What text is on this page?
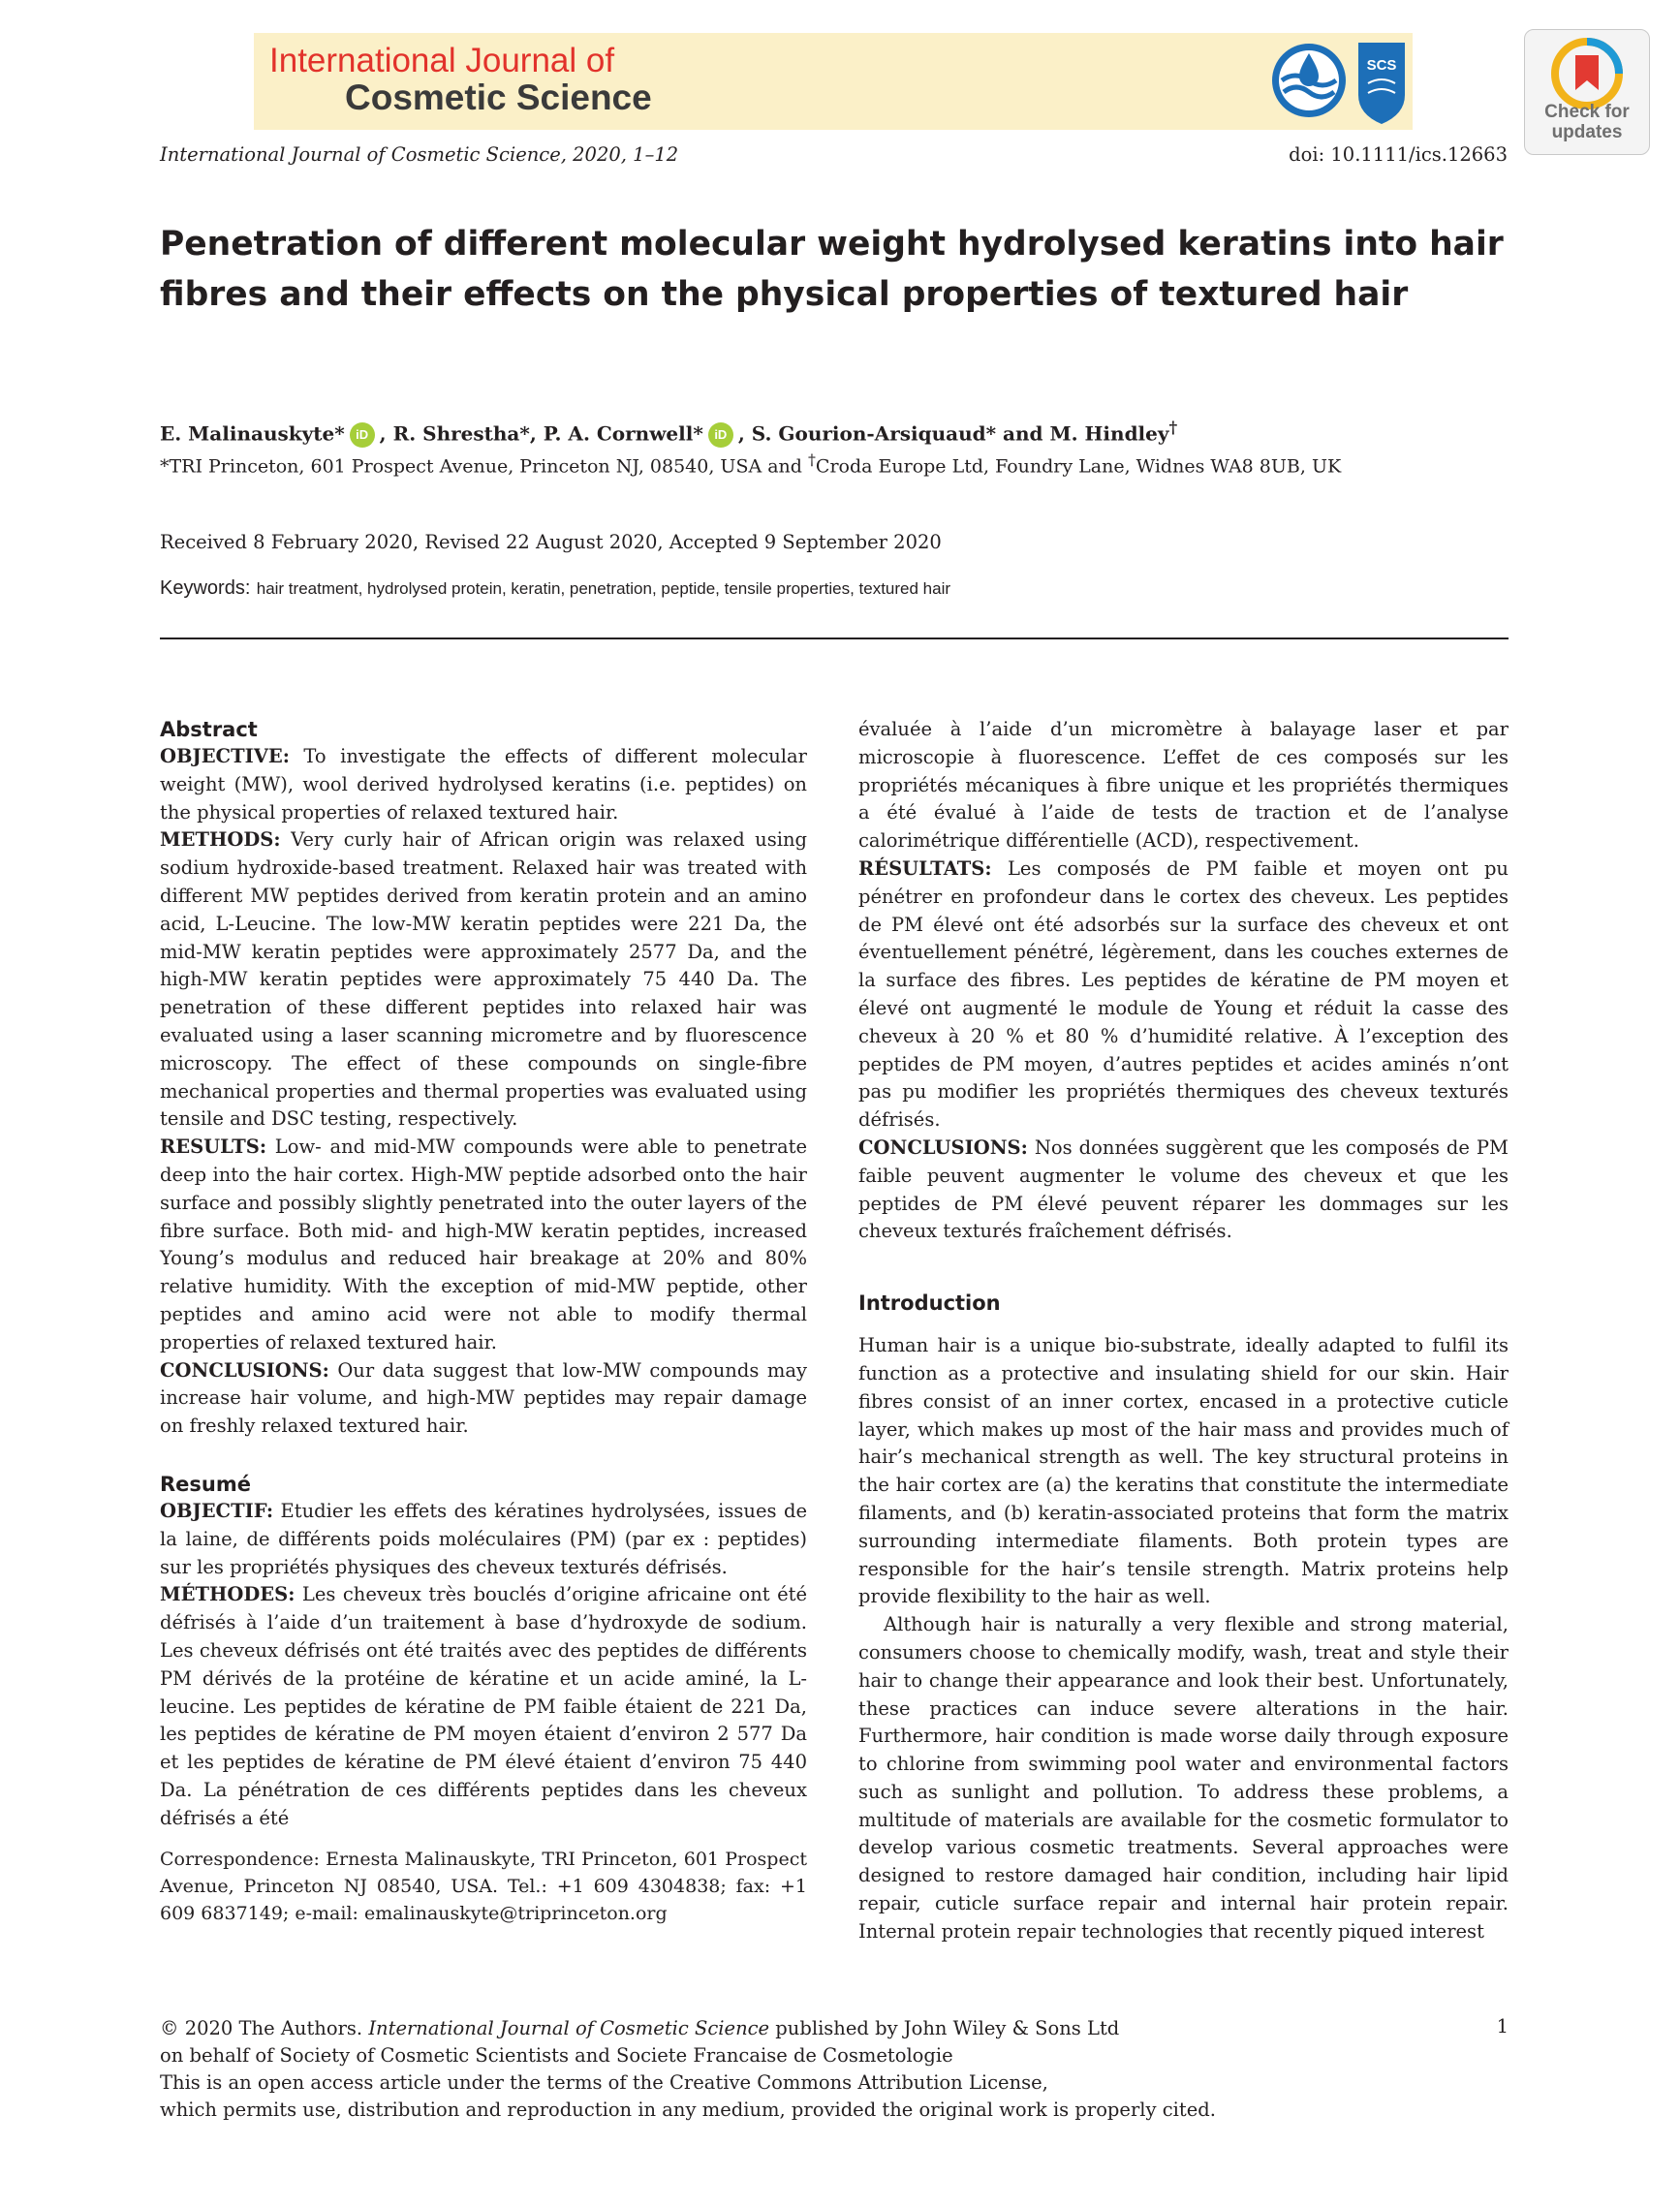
International Journal of
Cosmetic Science
SCS
Check for
updates
International Journal of Cosmetic Science, 2020, 1–12	doi: 10.1111/ics.12663
Penetration of different molecular weight hydrolysed keratins into hair fibres and their effects on the physical properties of textured hair
E. Malinauskyte* iD , R. Shrestha*, P. A. Cornwell* iD , S. Gourion-Arsiquaud* and M. Hindley†
*TRI Princeton, 601 Prospect Avenue, Princeton NJ, 08540, USA and †Croda Europe Ltd, Foundry Lane, Widnes WA8 8UB, UK
Received 8 February 2020, Revised 22 August 2020, Accepted 9 September 2020
Keywords: hair treatment, hydrolysed protein, keratin, penetration, peptide, tensile properties, textured hair
Abstract

OBJECTIVE: To investigate the effects of different molecular weight (MW), wool derived hydrolysed keratins (i.e. peptides) on the physical properties of relaxed textured hair.

METHODS: Very curly hair of African origin was relaxed using sodium hydroxide-based treatment. Relaxed hair was treated with different MW peptides derived from keratin protein and an amino acid, L-Leucine. The low-MW keratin peptides were 221 Da, the mid-MW keratin peptides were approximately 2577 Da, and the high-MW keratin peptides were approximately 75 440 Da. The penetration of these different peptides into relaxed hair was evaluated using a laser scanning micrometre and by fluorescence microscopy. The effect of these compounds on single-fibre mechanical properties and thermal properties was evaluated using tensile and DSC testing, respectively.

RESULTS: Low- and mid-MW compounds were able to penetrate deep into the hair cortex. High-MW peptide adsorbed onto the hair surface and possibly slightly penetrated into the outer layers of the fibre surface. Both mid- and high-MW keratin peptides, increased Young’s modulus and reduced hair breakage at 20% and 80% relative humidity. With the exception of mid-MW peptide, other peptides and amino acid were not able to modify thermal properties of relaxed textured hair.

CONCLUSIONS: Our data suggest that low-MW compounds may increase hair volume, and high-MW peptides may repair damage on freshly relaxed textured hair.

Resumé

OBJECTIF: Etudier les effets des kératines hydrolysées, issues de la laine, de différents poids moléculaires (PM) (par ex : peptides) sur les propriétés physiques des cheveux texturés défrisés.

MÉTHODES: Les cheveux très bouclés d’origine africaine ont été défrisés à l’aide d’un traitement à base d’hydroxyde de sodium. Les cheveux défrisés ont été traités avec des peptides de différents PM dérivés de la protéine de kératine et un acide aminé, la L-leucine. Les peptides de kératine de PM faible étaient de 221 Da, les peptides de kératine de PM moyen étaient d’environ 2 577 Da et les peptides de kératine de PM élevé étaient d’environ 75 440 Da. La pénétration de ces différents peptides dans les cheveux défrisés a été

Correspondence: Ernesta Malinauskyte, TRI Princeton, 601 Prospect Avenue, Princeton NJ 08540, USA. Tel.: +1 609 4304838; fax: +1 609 6837149; e-mail: emalinauskyte@triprinceton.org

évaluée à l’aide d’un micromètre à balayage laser et par microscopie à fluorescence. L’effet de ces composés sur les propriétés mécaniques à fibre unique et les propriétés thermiques a été évalué à l’aide de tests de traction et de l’analyse calorimétrique différentielle (ACD), respectivement.

RÉSULTATS: Les composés de PM faible et moyen ont pu pénétrer en profondeur dans le cortex des cheveux. Les peptides de PM élevé ont été adsorbés sur la surface des cheveux et ont éventuellement pénétré, légèrement, dans les couches externes de la surface des fibres. Les peptides de kératine de PM moyen et élevé ont augmenté le module de Young et réduit la casse des cheveux à 20 % et 80 % d’humidité relative. À l’exception des peptides de PM moyen, d’autres peptides et acides aminés n’ont pas pu modifier les propriétés thermiques des cheveux texturés défrisés.

CONCLUSIONS: Nos données suggèrent que les composés de PM faible peuvent augmenter le volume des cheveux et que les peptides de PM élevé peuvent réparer les dommages sur les cheveux texturés fraîchement défrisés.

Introduction

Human hair is a unique bio-substrate, ideally adapted to fulfil its function as a protective and insulating shield for our skin. Hair fibres consist of an inner cortex, encased in a protective cuticle layer, which makes up most of the hair mass and provides much of hair’s mechanical strength as well. The key structural proteins in the hair cortex are (a) the keratins that constitute the intermediate filaments, and (b) keratin-associated proteins that form the matrix surrounding intermediate filaments. Both protein types are responsible for the hair’s tensile strength. Matrix proteins help provide flexibility to the hair as well.

Although hair is naturally a very flexible and strong material, consumers choose to chemically modify, wash, treat and style their hair to change their appearance and look their best. Unfortunately, these practices can induce severe alterations in the hair. Furthermore, hair condition is made worse daily through exposure to chlorine from swimming pool water and environmental factors such as sunlight and pollution. To address these problems, a multitude of materials are available for the cosmetic formulator to develop various cosmetic treatments. Several approaches were designed to restore damaged hair condition, including hair lipid repair, cuticle surface repair and internal hair protein repair. Internal protein repair technologies that recently piqued interest

© 2020 The Authors. International Journal of Cosmetic Science published by John Wiley & Sons Ltd
on behalf of Society of Cosmetic Scientists and Societe Francaise de Cosmetologie
This is an open access article under the terms of the Creative Commons Attribution License,
which permits use, distribution and reproduction in any medium, provided the original work is properly cited.
1
